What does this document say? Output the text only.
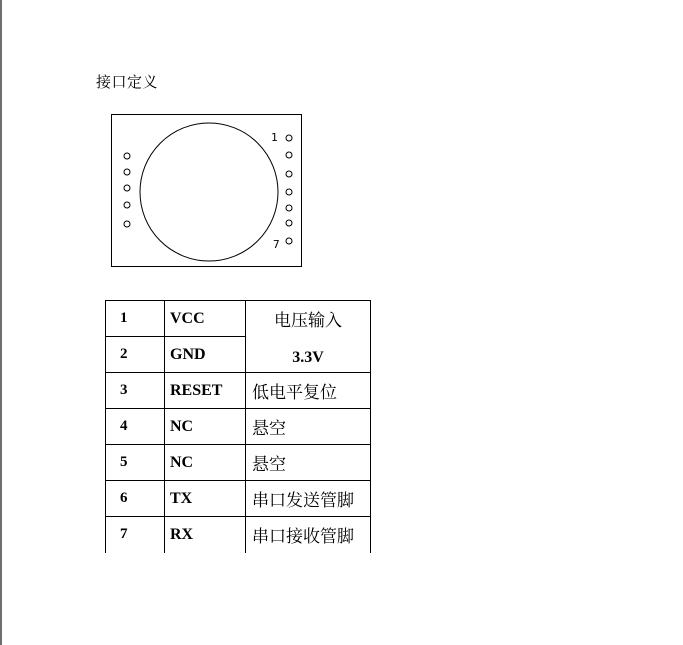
接口定义
1
7
1	VCC	电压输入
3.3V
2	GND	
3	RESET	低电平复位
4	NC	悬空
5	NC	悬空
6	TX	串口发送管脚
7	RX	串口接收管脚
